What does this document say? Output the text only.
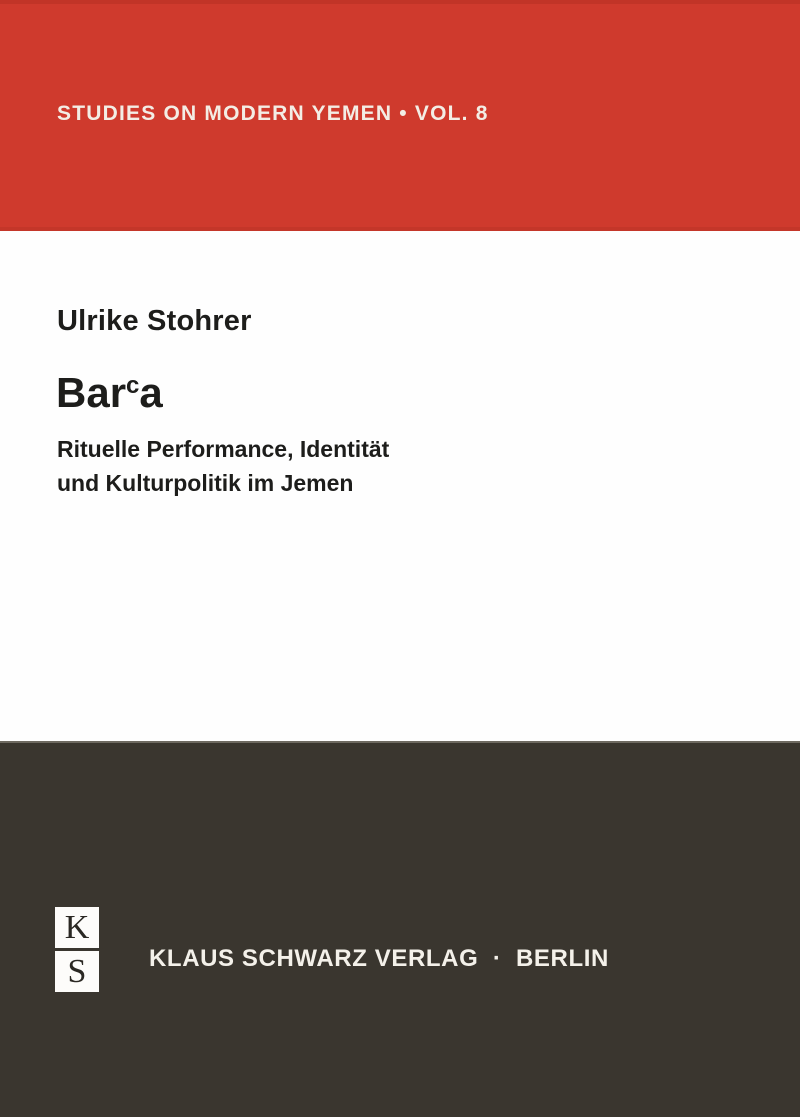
STUDIES ON MODERN YEMEN • VOL. 8
Ulrike Stohrer
Bar$^c$a
Rituelle Performance, Identität
und Kulturpolitik im Jemen
K
S	KLAUS SCHWARZ VERLAG  ·  BERLIN
